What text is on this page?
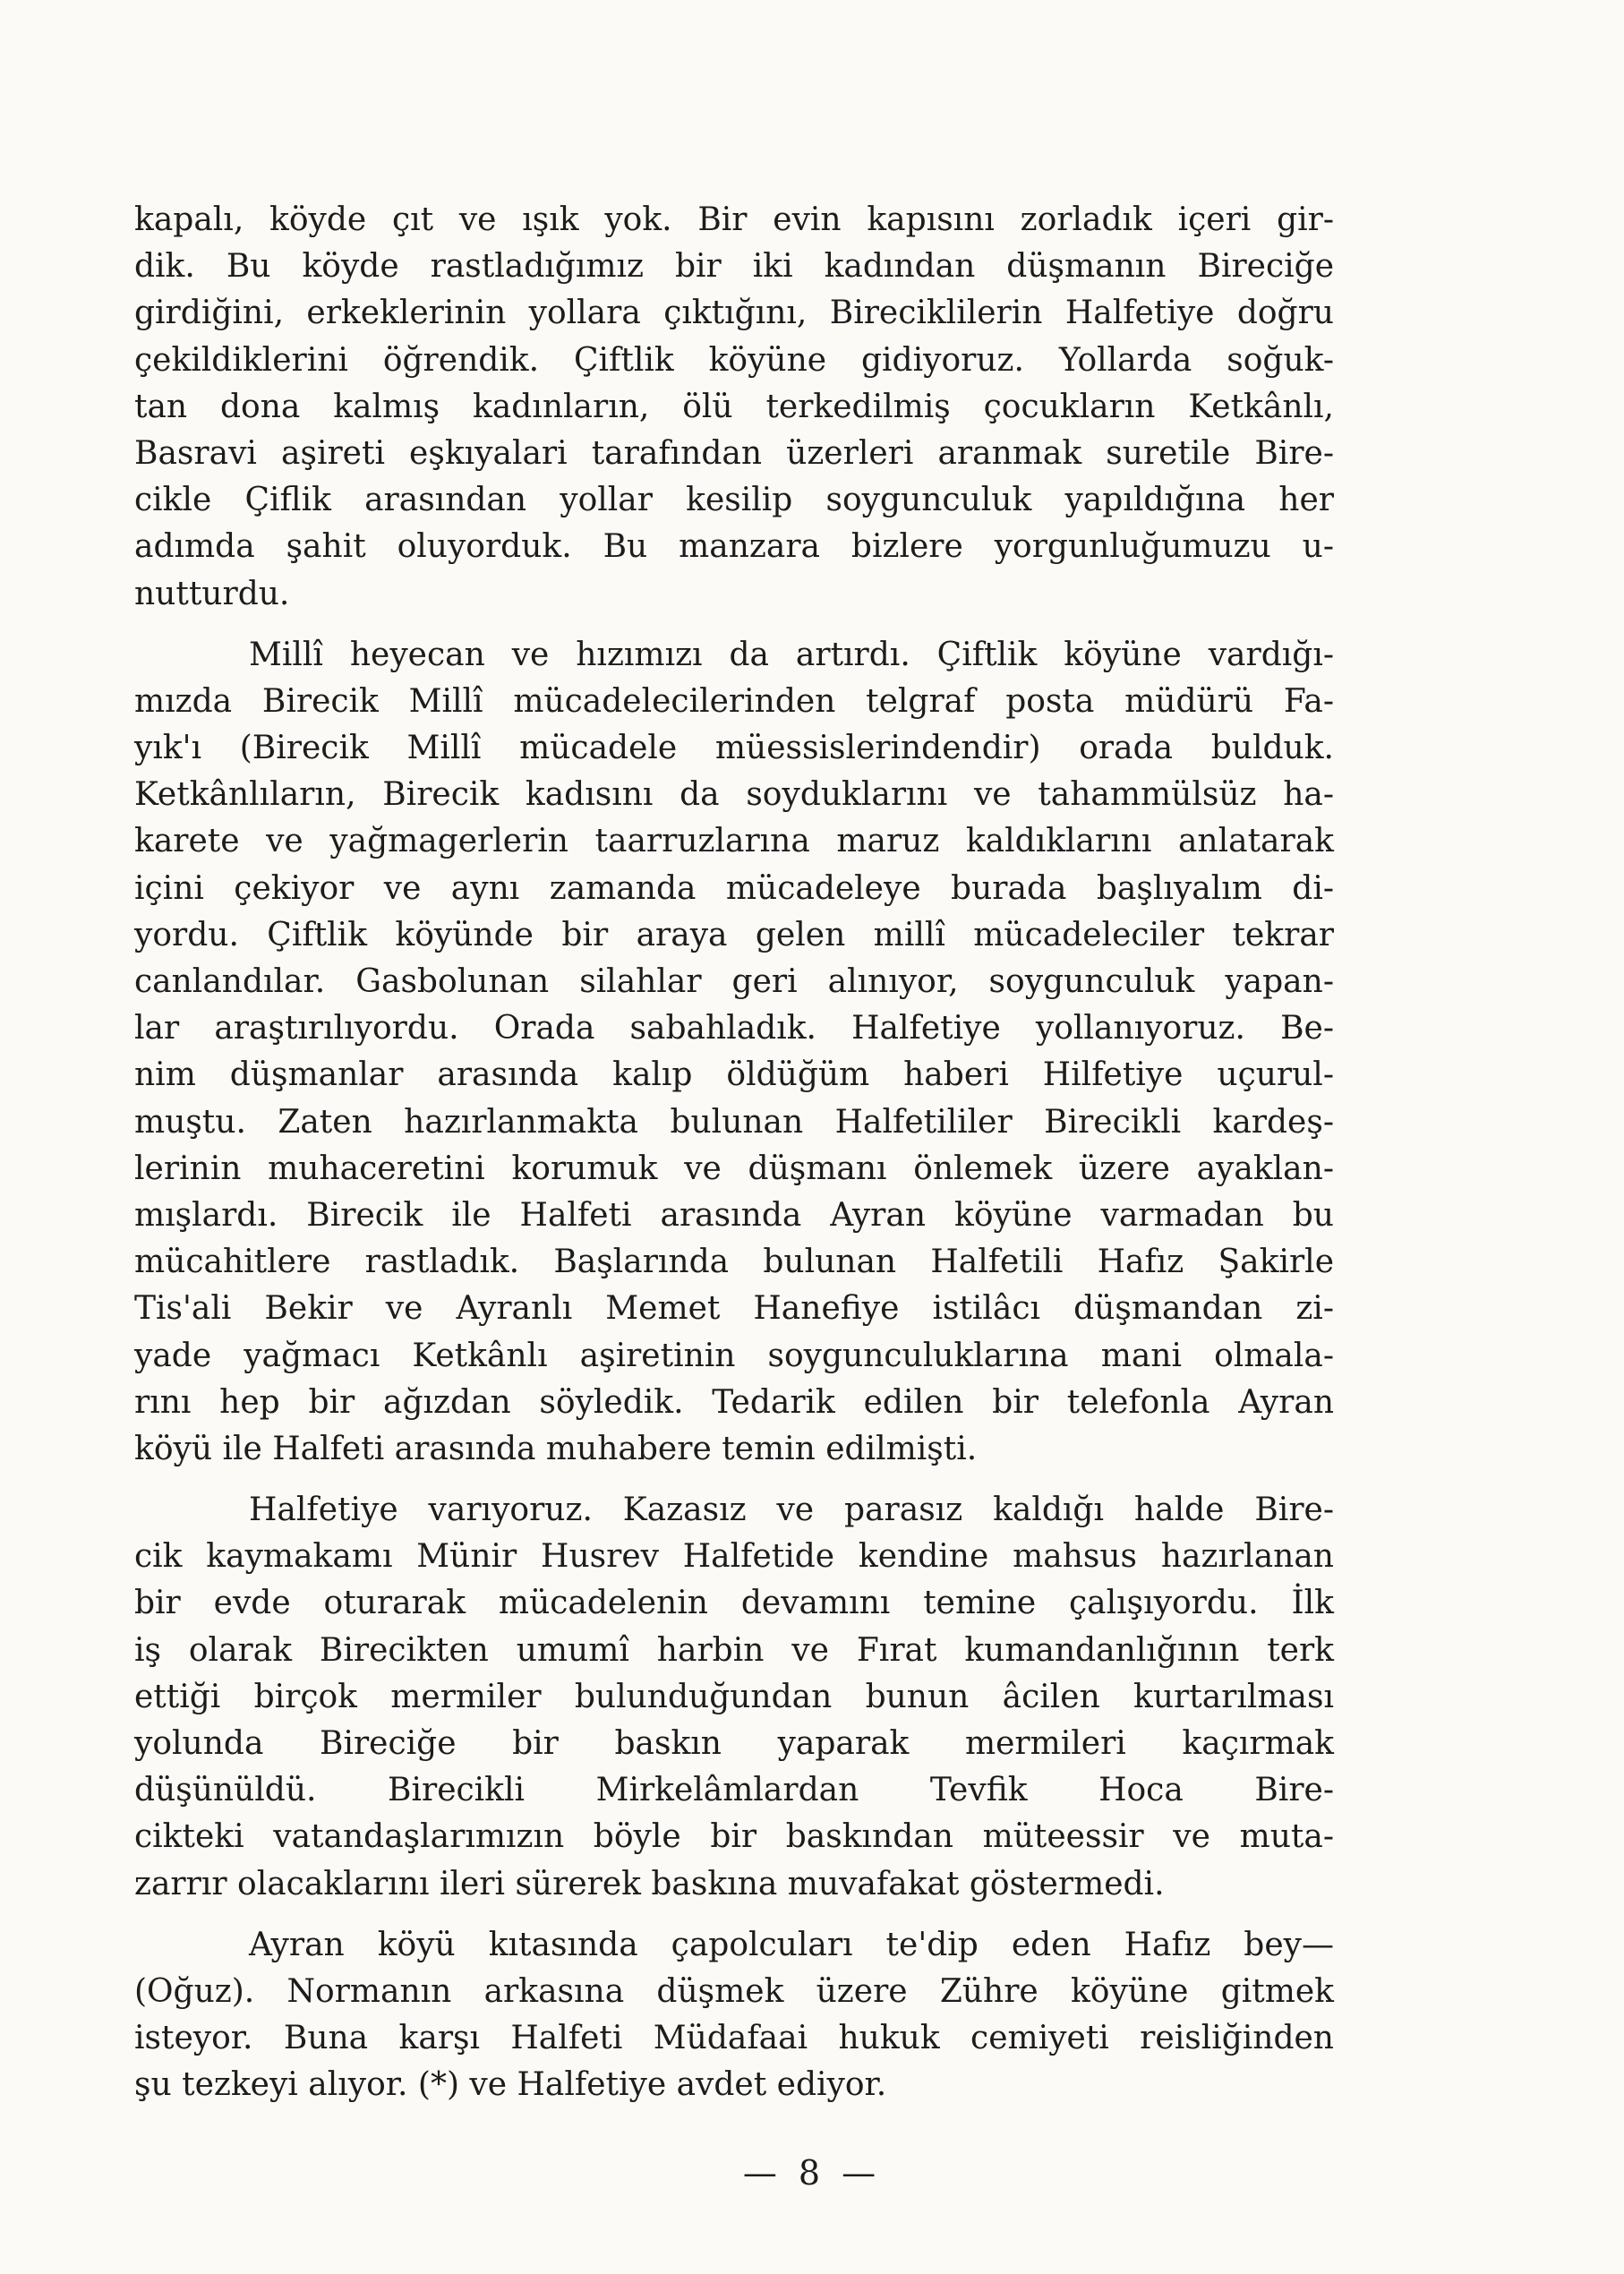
kapalı, köyde çıt ve ışık yok. Bir evin kapısını zorladık içeri gir-
dik. Bu köyde rastladığımız bir iki kadından düşmanın Bireciğe
girdiğini, erkeklerinin yollara çıktığını, Bireciklilerin Halfetiye doğru
çekildiklerini öğrendik. Çiftlik köyüne gidiyoruz. Yollarda soğuk-
tan dona kalmış kadınların, ölü terkedilmiş çocukların Ketkânlı,
Basravi aşireti eşkıyalari tarafından üzerleri aranmak suretile Bire-
cikle Çiflik arasından yollar kesilip soygunculuk yapıldığına her
adımda şahit oluyorduk. Bu manzara bizlere yorgunluğumuzu u-
nutturdu.
Millî heyecan ve hızımızı da artırdı. Çiftlik köyüne vardığı-
mızda Birecik Millî mücadelecilerinden telgraf posta müdürü Fa-
yık'ı (Birecik Millî mücadele müessislerindendir) orada bulduk.
Ketkânlıların, Birecik kadısını da soyduklarını ve tahammülsüz ha-
karete ve yağmagerlerin taarruzlarına maruz kaldıklarını anlatarak
içini çekiyor ve aynı zamanda mücadeleye burada başlıyalım di-
yordu. Çiftlik köyünde bir araya gelen millî mücadeleciler tekrar
canlandılar. Gasbolunan silahlar geri alınıyor, soygunculuk yapan-
lar araştırılıyordu. Orada sabahladık. Halfetiye yollanıyoruz. Be-
nim düşmanlar arasında kalıp öldüğüm haberi Hilfetiye uçurul-
muştu. Zaten hazırlanmakta bulunan Halfetililer Birecikli kardeş-
lerinin muhaceretini korumuk ve düşmanı önlemek üzere ayaklan-
mışlardı. Birecik ile Halfeti arasında Ayran köyüne varmadan bu
mücahitlere rastladık. Başlarında bulunan Halfetili Hafız Şakirle
Tis'ali Bekir ve Ayranlı Memet Hanefiye istilâcı düşmandan zi-
yade yağmacı Ketkânlı aşiretinin soygunculuklarına mani olmala-
rını hep bir ağızdan söyledik. Tedarik edilen bir telefonla Ayran
köyü ile Halfeti arasında muhabere temin edilmişti.
Halfetiye varıyoruz. Kazasız ve parasız kaldığı halde Bire-
cik kaymakamı Münir Husrev Halfetide kendine mahsus hazırlanan
bir evde oturarak mücadelenin devamını temine çalışıyordu. İlk
iş olarak Birecikten umumî harbin ve Fırat kumandanlığının terk
ettiği birçok mermiler bulunduğundan bunun âcilen kurtarılması
yolunda Bireciğe bir baskın yaparak mermileri kaçırmak
düşünüldü. Birecikli Mirkelâmlardan Tevfik Hoca Bire-
cikteki vatandaşlarımızın böyle bir baskından müteessir ve muta-
zarrır olacaklarını ileri sürerek baskına muvafakat göstermedi.
Ayran köyü kıtasında çapolcuları te'dip eden Hafız bey—
(Oğuz). Normanın arkasına düşmek üzere Zühre köyüne gitmek
isteyor. Buna karşı Halfeti Müdafaai hukuk cemiyeti reisliğinden
şu tezkeyi alıyor. (*) ve Halfetiye avdet ediyor.
— 8 —
